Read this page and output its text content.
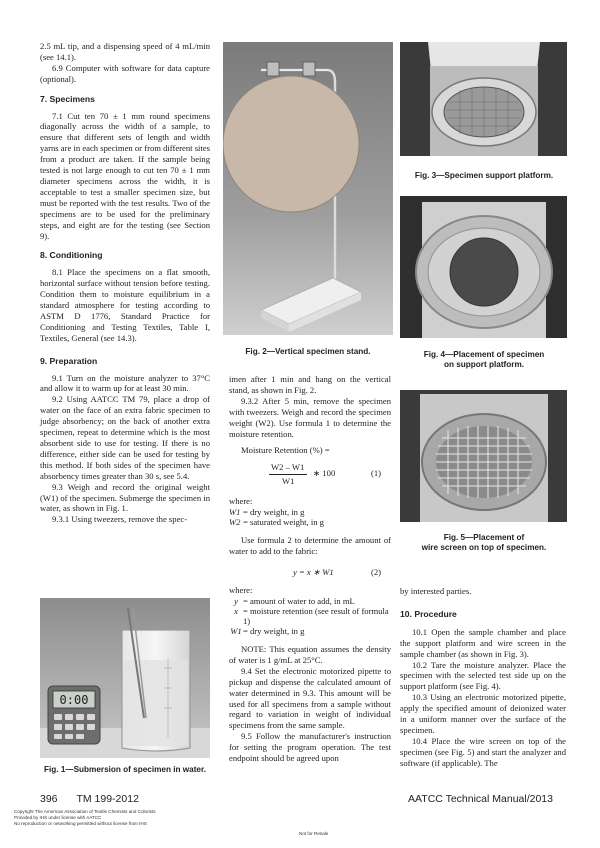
2.5 mL tip, and a dispensing speed of 4 mL/min (see 14.1).

6.9 Computer with software for data capture (optional).

7. Specimens

7.1 Cut ten 70 ± 1 mm round specimens diagonally across the width of a sample, to ensure that different sets of length and width yarns are in each specimen or from different sites from a product are taken. If the sample being tested is not large enough to cut ten 70 ± 1 mm diameter specimens across the width, it is acceptable to test a smaller specimen size, but must be reported with the test results. Two of the specimens are to be used for the preliminary steps, and eight are for the testing (see Section 9).

8. Conditioning

8.1 Place the specimens on a flat smooth, horizontal surface without tension before testing. Condition them to moisture equilibrium in a standard atmosphere for testing according to ASTM D 1776, Standard Practice for Conditioning and Testing Textiles, Table I, Textiles, General (see 14.3).

9. Preparation

9.1 Turn on the moisture analyzer to 37°C and allow it to warm up for at least 30 min.

9.2 Using AATCC TM 79, place a drop of water on the face of an extra fabric specimen to judge absorbency; on the back of another extra specimen, repeat to determine which is the most absorbent side to use for testing. If there is no difference, either side can be used for testing by this method. If both sides of the specimen have absorbency times greater than 30 s, see 5.4.

9.3 Weigh and record the original weight (W1) of the specimen. Submerge the specimen in water, as shown in Fig. 1.

9.3.1 Using tweezers, remove the spec-

0:00
Fig. 1—Submersion of specimen in water.
Fig. 2—Vertical specimen stand.

imen after 1 min and hang on the vertical stand, as shown in Fig. 2.

9.3.2 After 5 min, remove the specimen with tweezers. Weigh and record the specimen weight (W2). Use formula 1 to determine the moisture retention.

Moisture Retention (%) =

W2 – W1
W1
∗ 100	(1)

where:

W1	= dry weight, in g
W2	= saturated weight, in g

Use formula 2 to determine the amount of water to add to the fabric:

y = x ∗ W1	(2)

where:

y	= amount of water to add, in mL
x	= moisture retention (see result of formula 1)
W1	= dry weight, in g

NOTE: This equation assumes the density of water is 1 g/mL at 25°C.

9.4 Set the electronic motorized pipette to pickup and dispense the calculated amount of water determined in 9.3. This amount will be used for all specimens from a sample without regard to variation in weight of individual specimens from the same sample.

9.5 Follow the manufacturer's instruction for setting the program operation. The test endpoint should be agreed upon

Fig. 3—Specimen support platform.
Fig. 4—Placement of specimen
on support platform.
Fig. 5—Placement of
wire screen on top of specimen.

by interested parties.

10. Procedure

10.1 Open the sample chamber and place the support platform and wire screen in the sample chamber (as shown in Fig. 3).

10.2 Tare the moisture analyzer. Place the specimen with the selected test side up on the support platform (see Fig. 4).

10.3 Using an electronic motorized pipette, apply the specified amount of deionized water in a uniform manner over the surface of the specimen.

10.4 Place the wire screen on top of the specimen (see Fig. 5) and start the analyzer and software (if applicable). The

396 TM 199-2012	AATCC Technical Manual/2013
Copyright The American Association of Textile Chemists and Colorists
Provided by IHS under license with AATCC
No reproduction or networking permitted without license from IHS
Not for Resale
